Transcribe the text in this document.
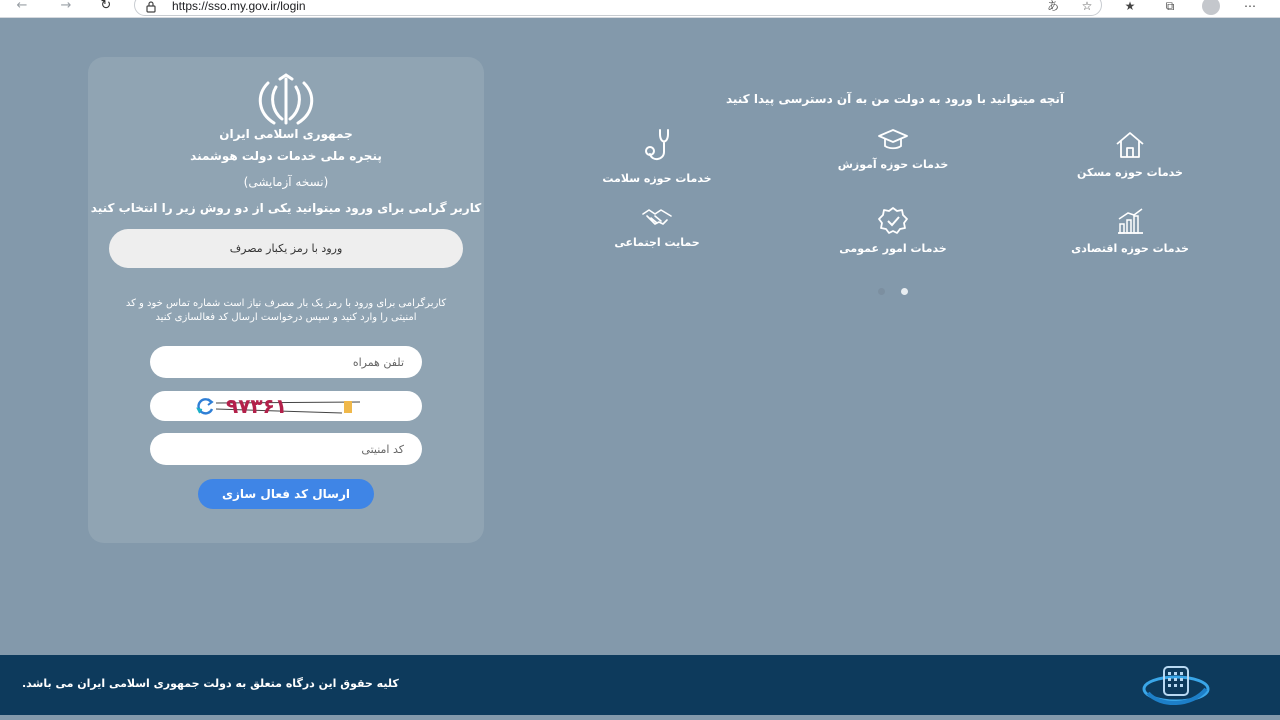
←	→	↻	https://sso.my.gov.ir/login	あ	☆	★	⧉	⋯
جمهوری اسلامی ایران
پنجره ملی خدمات دولت هوشمند
(نسخه آزمایشی)
کاربر گرامی برای ورود میتوانید یکی از دو روش زیر را انتخاب کنید
ورود با رمز یکبار مصرف
کاربرگرامی برای ورود با رمز یک بار مصرف نیاز است شماره تماس خود و کد امنیتی را وارد کنید و سپس درخواست ارسال کد فعالسازی کنید
تلفن همراه
۹۷۳۶۱
کد امنیتی
ارسال کد فعال سازی
آنچه میتوانید با ورود به دولت من به آن دسترسی پیدا کنید
خدمات حوزه مسکن
خدمات حوزه آموزش
خدمات حوزه سلامت
خدمات حوزه اقتصادی
خدمات امور عمومی
حمایت اجتماعی
کلیه حقوق این درگاه متعلق به دولت جمهوری اسلامی ایران می باشد.
